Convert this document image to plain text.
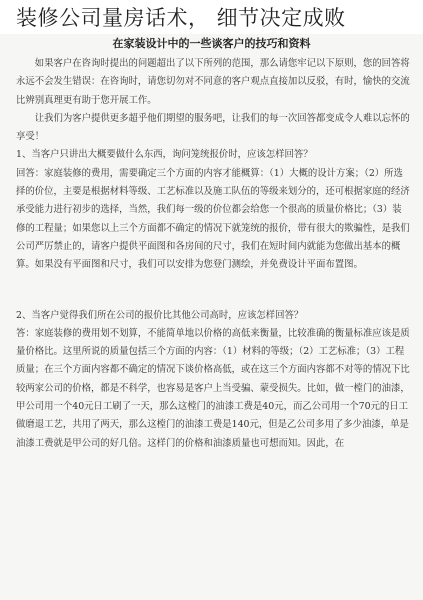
装修公司量房话术， 细节决定成败
在家装设计中的一些谈客户的技巧和资料

如果客户在咨询时提出的问题超出了以下所列的范围，那么请您牢记以下原则，您的回答将永远不会发生错误：在咨询时，请您切勿对不同意的客户观点直接加以反驳，有时，愉快的交流比辨别真理更有助于您开展工作。

让我们为客户提供更多超乎他们期望的服务吧，让我们的每一次回答都变成令人难以忘怀的享受！

1、当客户只讲出大概要做什么东西，询问笼统报价时，应该怎样回答？

回答：家庭装修的费用，需要确定三个方面的内容才能概算：（1）大概的设计方案；（2）所选择的价位，主要是根据材料等级、工艺标准以及施工队伍的等级来划分的，还可根据家庭的经济承受能力进行初步的选择，当然，我们每一级的价位都会给您一个很高的质量价格比；（3）装修的工程量；如果您以上三个方面都不确定的情况下就笼统的报价，带有很大的欺骗性，是我们公司严厉禁止的，请客户提供平面图和各房间的尺寸，我们在短时间内就能为您做出基本的概算。如果没有平面图和尺寸，我们可以安排为您登门测绘，并免费设计平面布置图。

2、当客户觉得我们所在公司的报价比其他公司高时，应该怎样回答？

答：家庭装修的费用划不划算，不能简单地以价格的高低来衡量，比较准确的衡量标准应该是质量价格比。这里所说的质量包括三个方面的内容：（1）材料的等级；（2）工艺标准；（3）工程质量；在三个方面内容都不确定的情况下谈价格高低，或在这三个方面内容都不对等的情况下比较两家公司的价格，都是不科学，也容易是客户上当受骗、蒙受损失。比如，做一樘门的油漆，甲公司用一个40元日工刷了一天，那么这樘门的油漆工费是40元，而乙公司用一个70元的日工做磨退工艺，共用了两天，那么这樘门的油漆工费是140元，但是乙公司多用了多少油漆，单是油漆工费就是甲公司的好几倍。这样门的价格和油漆质量也可想而知。因此，在
